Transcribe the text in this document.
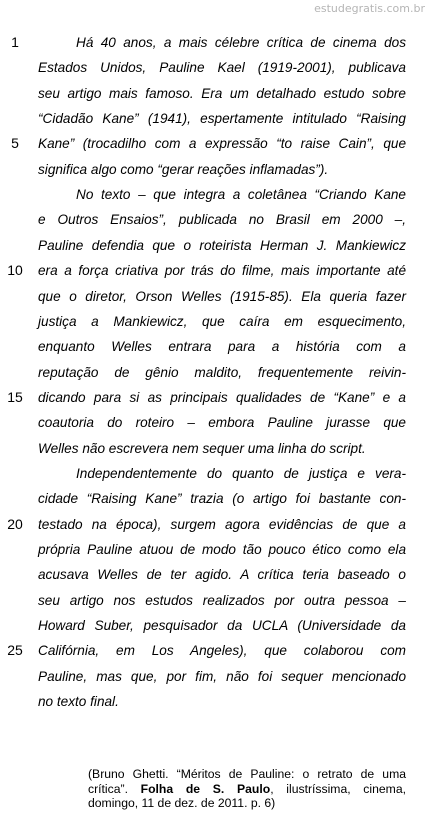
estudegratis.com.br
1	Há 40 anos, a mais célebre crítica de cinema dos
Estados Unidos, Pauline Kael (1919-2001), publicava
seu artigo mais famoso. Era um detalhado estudo sobre
“Cidadão Kane” (1941), espertamente intitulado “Raising
5	Kane” (trocadilho com a expressão “to raise Cain”, que
significa algo como “gerar reações inflamadas”).
No texto – que integra a coletânea “Criando Kane
e Outros Ensaios”, publicada no Brasil em 2000 –,
Pauline defendia que o roteirista Herman J. Mankiewicz
10	era a força criativa por trás do filme, mais importante até
que o diretor, Orson Welles (1915-85). Ela queria fazer
justiça a Mankiewicz, que caíra em esquecimento,
enquanto Welles entrara para a história com a
reputação de gênio maldito, frequentemente reivin-
15	dicando para si as principais qualidades de “Kane” e a
coautoria do roteiro – embora Pauline jurasse que
Welles não escrevera nem sequer uma linha do script.
Independentemente do quanto de justiça e vera-
cidade “Raising Kane” trazia (o artigo foi bastante con-
20	testado na época), surgem agora evidências de que a
própria Pauline atuou de modo tão pouco ético como ela
acusava Welles de ter agido. A crítica teria baseado o
seu artigo nos estudos realizados por outra pessoa –
Howard Suber, pesquisador da UCLA (Universidade da
25	Califórnia, em Los Angeles), que colaborou com
Pauline, mas que, por fim, não foi sequer mencionado
no texto final.
(Bruno Ghetti. “Méritos de Pauline: o retrato de uma
crítica”. Folha de S. Paulo, ilustríssima, cinema,
domingo, 11 de dez. de 2011. p. 6)
